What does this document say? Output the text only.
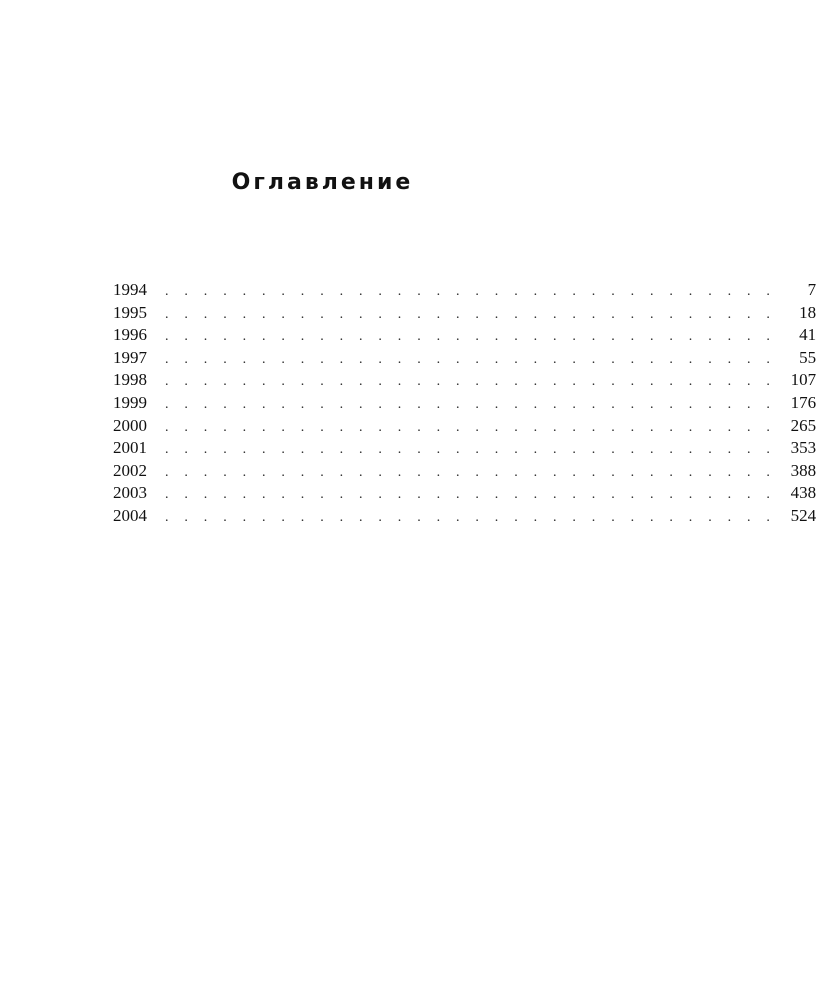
Оглавление
1994	. . . . . . . . . . . . . . . . . . . . . . . . . . . . . . . .	7
1995	. . . . . . . . . . . . . . . . . . . . . . . . . . . . . . . .	18
1996	. . . . . . . . . . . . . . . . . . . . . . . . . . . . . . . .	41
1997	. . . . . . . . . . . . . . . . . . . . . . . . . . . . . . . .	55
1998	. . . . . . . . . . . . . . . . . . . . . . . . . . . . . . . . 107
1999	. . . . . . . . . . . . . . . . . . . . . . . . . . . . . . . . 176
2000	. . . . . . . . . . . . . . . . . . . . . . . . . . . . . . . . 265
2001	. . . . . . . . . . . . . . . . . . . . . . . . . . . . . . . . 353
2002	. . . . . . . . . . . . . . . . . . . . . . . . . . . . . . . . 388
2003	. . . . . . . . . . . . . . . . . . . . . . . . . . . . . . . . 438
2004	. . . . . . . . . . . . . . . . . . . . . . . . . . . . . . . . 524
